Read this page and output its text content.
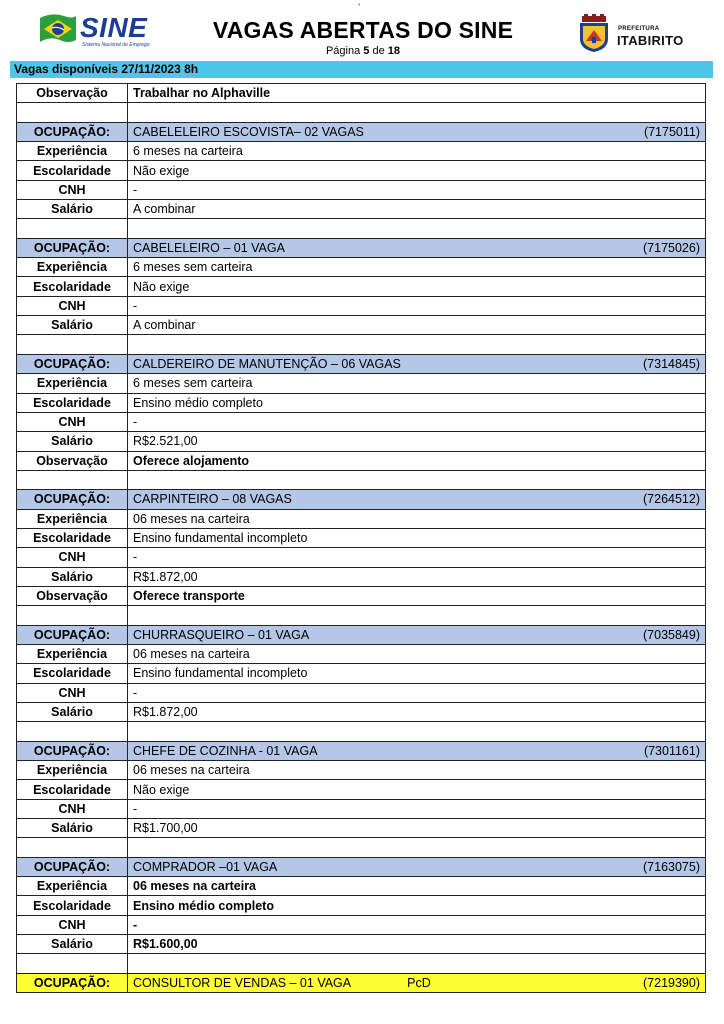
’
SINE
Sistema Nacional de Emprego
VAGAS ABERTAS DO SINE
Página 5 de 18
PREFEITURA
ITABIRITO
Vagas disponíveis 27/11/2023 8h
Observação	Trabalhar no Alphaville

OCUPAÇÃO:	CABELELEIRO ESCOVISTA– 02 VAGAS (7175011)

Experiência	6 meses na carteira
Escolaridade	Não exige
CNH	-
Salário	A combinar

OCUPAÇÃO:	CABELELEIRO – 01 VAGA (7175026)

Experiência	6 meses sem carteira
Escolaridade	Não exige
CNH	-
Salário	A combinar

OCUPAÇÃO:	CALDEREIRO DE MANUTENÇÃO – 06 VAGAS (7314845)

Experiência	6 meses sem carteira
Escolaridade	Ensino médio completo
CNH	-
Salário	R$2.521,00
Observação	Oferece alojamento

OCUPAÇÃO:	CARPINTEIRO – 08 VAGAS (7264512)

Experiência	06 meses na carteira
Escolaridade	Ensino fundamental incompleto
CNH	-
Salário	R$1.872,00
Observação	Oferece transporte

OCUPAÇÃO:	CHURRASQUEIRO – 01 VAGA (7035849)

Experiência	06 meses na carteira
Escolaridade	Ensino fundamental incompleto
CNH	-
Salário	R$1.872,00

OCUPAÇÃO:	CHEFE DE COZINHA - 01 VAGA (7301161)

Experiência	06 meses na carteira
Escolaridade	Não exige
CNH	-
Salário	R$1.700,00

OCUPAÇÃO:	COMPRADOR –01 VAGA (7163075)

Experiência	06 meses na carteira
Escolaridade	Ensino médio completo
CNH	-
Salário	R$1.600,00

OCUPAÇÃO:	CONSULTOR DE VENDAS – 01 VAGA PcD (7219390)
